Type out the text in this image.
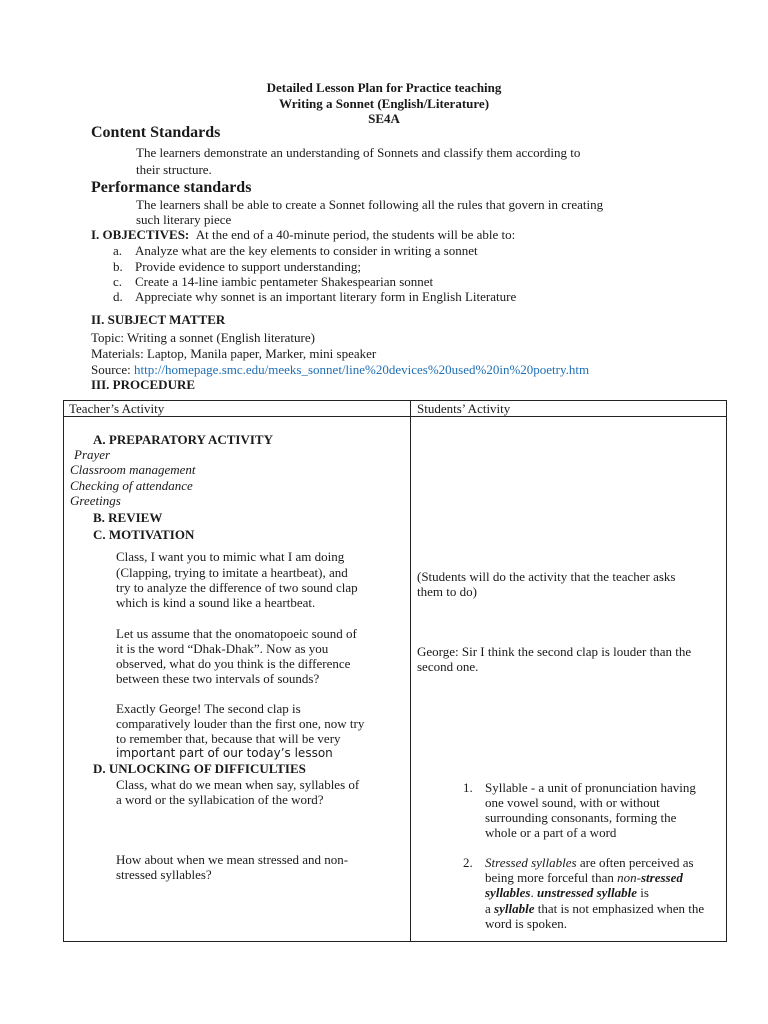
Detailed Lesson Plan for Practice teaching
Writing a Sonnet (English/Literature)
SE4A
Content Standards
The learners demonstrate an understanding of Sonnets and classify them according to
their structure.
Performance standards
The learners shall be able to create a Sonnet following all the rules that govern in creating
such literary piece
I. OBJECTIVES: At the end of a 40-minute period, the students will be able to:
a. Analyze what are the key elements to consider in writing a sonnet
b. Provide evidence to support understanding;
c. Create a 14-line iambic pentameter Shakespearian sonnet
d. Appreciate why sonnet is an important literary form in English Literature
II. SUBJECT MATTER
Topic: Writing a sonnet (English literature)
Materials: Laptop, Manila paper, Marker, mini speaker
Source: http://homepage.smc.edu/meeks_sonnet/line%20devices%20used%20in%20poetry.htm
III. PROCEDURE
Teacher’s Activity	Students’ Activity
A. PREPARATORY ACTIVITY
Prayer
Classroom management
Checking of attendance
Greetings
B. REVIEW
C. MOTIVATION
Class, I want you to mimic what I am doing
(Clapping, trying to imitate a heartbeat), and
try to analyze the difference of two sound clap
which is kind a sound like a heartbeat.
Let us assume that the onomatopoeic sound of
it is the word “Dhak-Dhak”. Now as you
observed, what do you think is the difference
between these two intervals of sounds?
Exactly George! The second clap is
comparatively louder than the first one, now try
to remember that, because that will be very
important part of our today’s lesson
D. UNLOCKING OF DIFFICULTIES
Class, what do we mean when say, syllables of
a word or the syllabication of the word?
How about when we mean stressed and non-
stressed syllables?
(Students will do the activity that the teacher asks
them to do)
George: Sir I think the second clap is louder than the
second one.
1. Syllable - a unit of pronunciation having
one vowel sound, with or without
surrounding consonants, forming the
whole or a part of a word
2. Stressed syllables are often perceived as
being more forceful than non-stressed
syllables. unstressed syllable is
a syllable that is not emphasized when the
word is spoken.
